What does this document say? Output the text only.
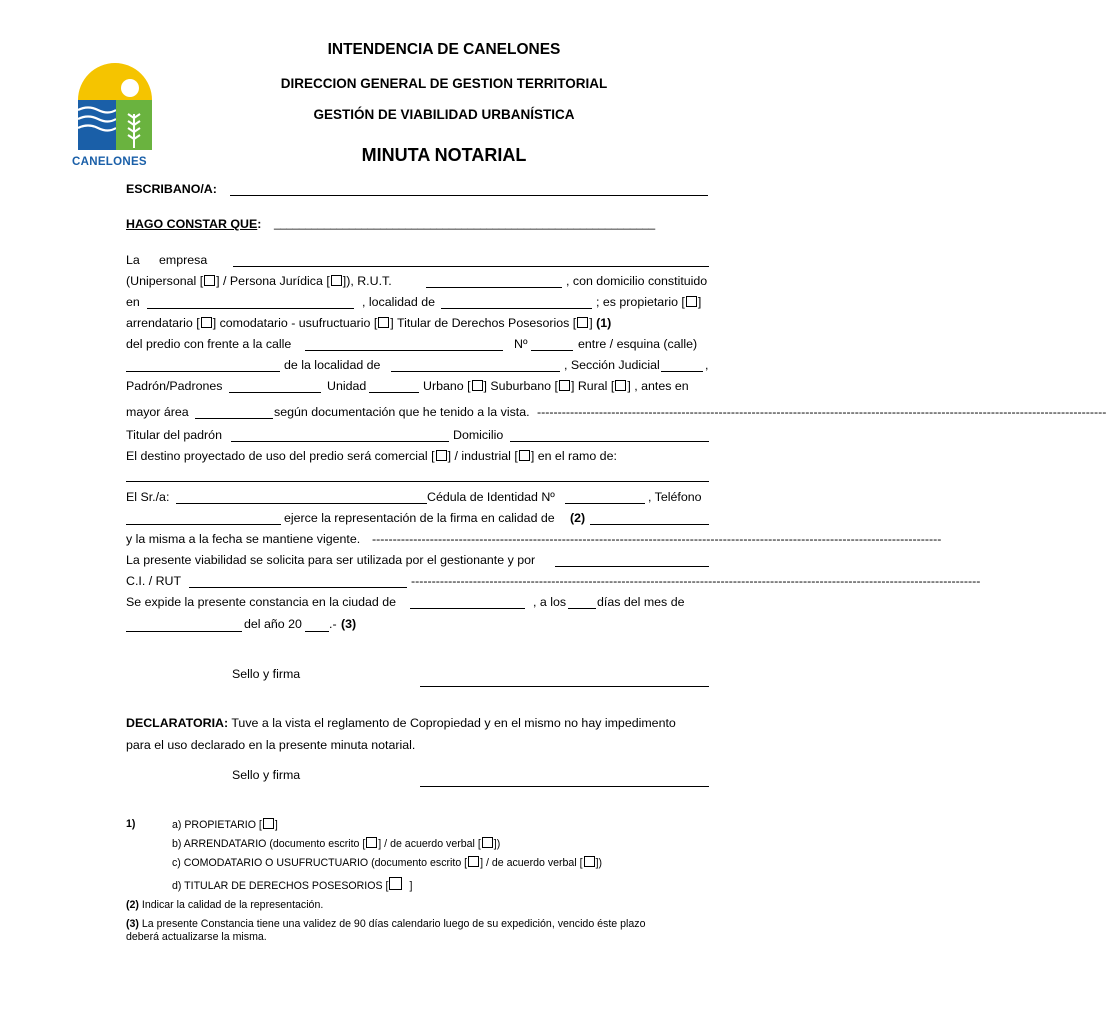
CANELONES
INTENDENCIA DE CANELONES
DIRECCION GENERAL DE GESTION TERRITORIAL
GESTIÓN DE VIABILIDAD URBANÍSTICA
MINUTA NOTARIAL
ESCRIBANO/A:
HAGO CONSTAR QUE: _____________________________________________________________
La empresa
(Unipersonal [ ] / Persona Jurídica [ ]), R.U.T.	, con domicilio constituido
en	, localidad de	; es propietario [ ]
arrendatario [ ] comodatario - usufructuario [ ] Titular de Derechos Posesorios [ ] (1)
del predio con frente a la calle	Nº	entre / esquina (calle)
de la localidad de	, Sección Judicial	,
Padrón/Padrones	Unidad	Urbano [ ] Suburbano [ ] Rural [ ] , antes en
mayor área	según documentación que he tenido a la vista. ------------------------------------------------------------------------------------------------------------------------------------------
Titular del padrón	Domicilio
El destino proyectado de uso del predio será comercial [ ] / industrial [ ] en el ramo de:
El Sr./a:	Cédula de Identidad Nº	, Teléfono
ejerce la representación de la firma en calidad de (2)
y la misma a la fecha se mantiene vigente. ------------------------------------------------------------------------------------------------------------------------------------------
La presente viabilidad se solicita para ser utilizada por el gestionante y por
C.I. / RUT	------------------------------------------------------------------------------------------------------------------------------------------
Se expide la presente constancia en la ciudad de	, a los días del mes de
del año 20 .- (3)
Sello y firma
DECLARATORIA: Tuve a la vista el reglamento de Copropiedad y en el mismo no hay impedimento
para el uso declarado en la presente minuta notarial.
Sello y firma
1)	a) PROPIETARIO [ ]
b) ARRENDATARIO (documento escrito [ ] / de acuerdo verbal [ ])
c) COMODATARIO O USUFRUCTUARIO (documento escrito [ ] / de acuerdo verbal [ ])
d) TITULAR DE DERECHOS POSESORIOS [ ]
(2) Indicar la calidad de la representación.
(3) La presente Constancia tiene una validez de 90 días calendario luego de su expedición, vencido éste plazo
deberá actualizarse la misma.
